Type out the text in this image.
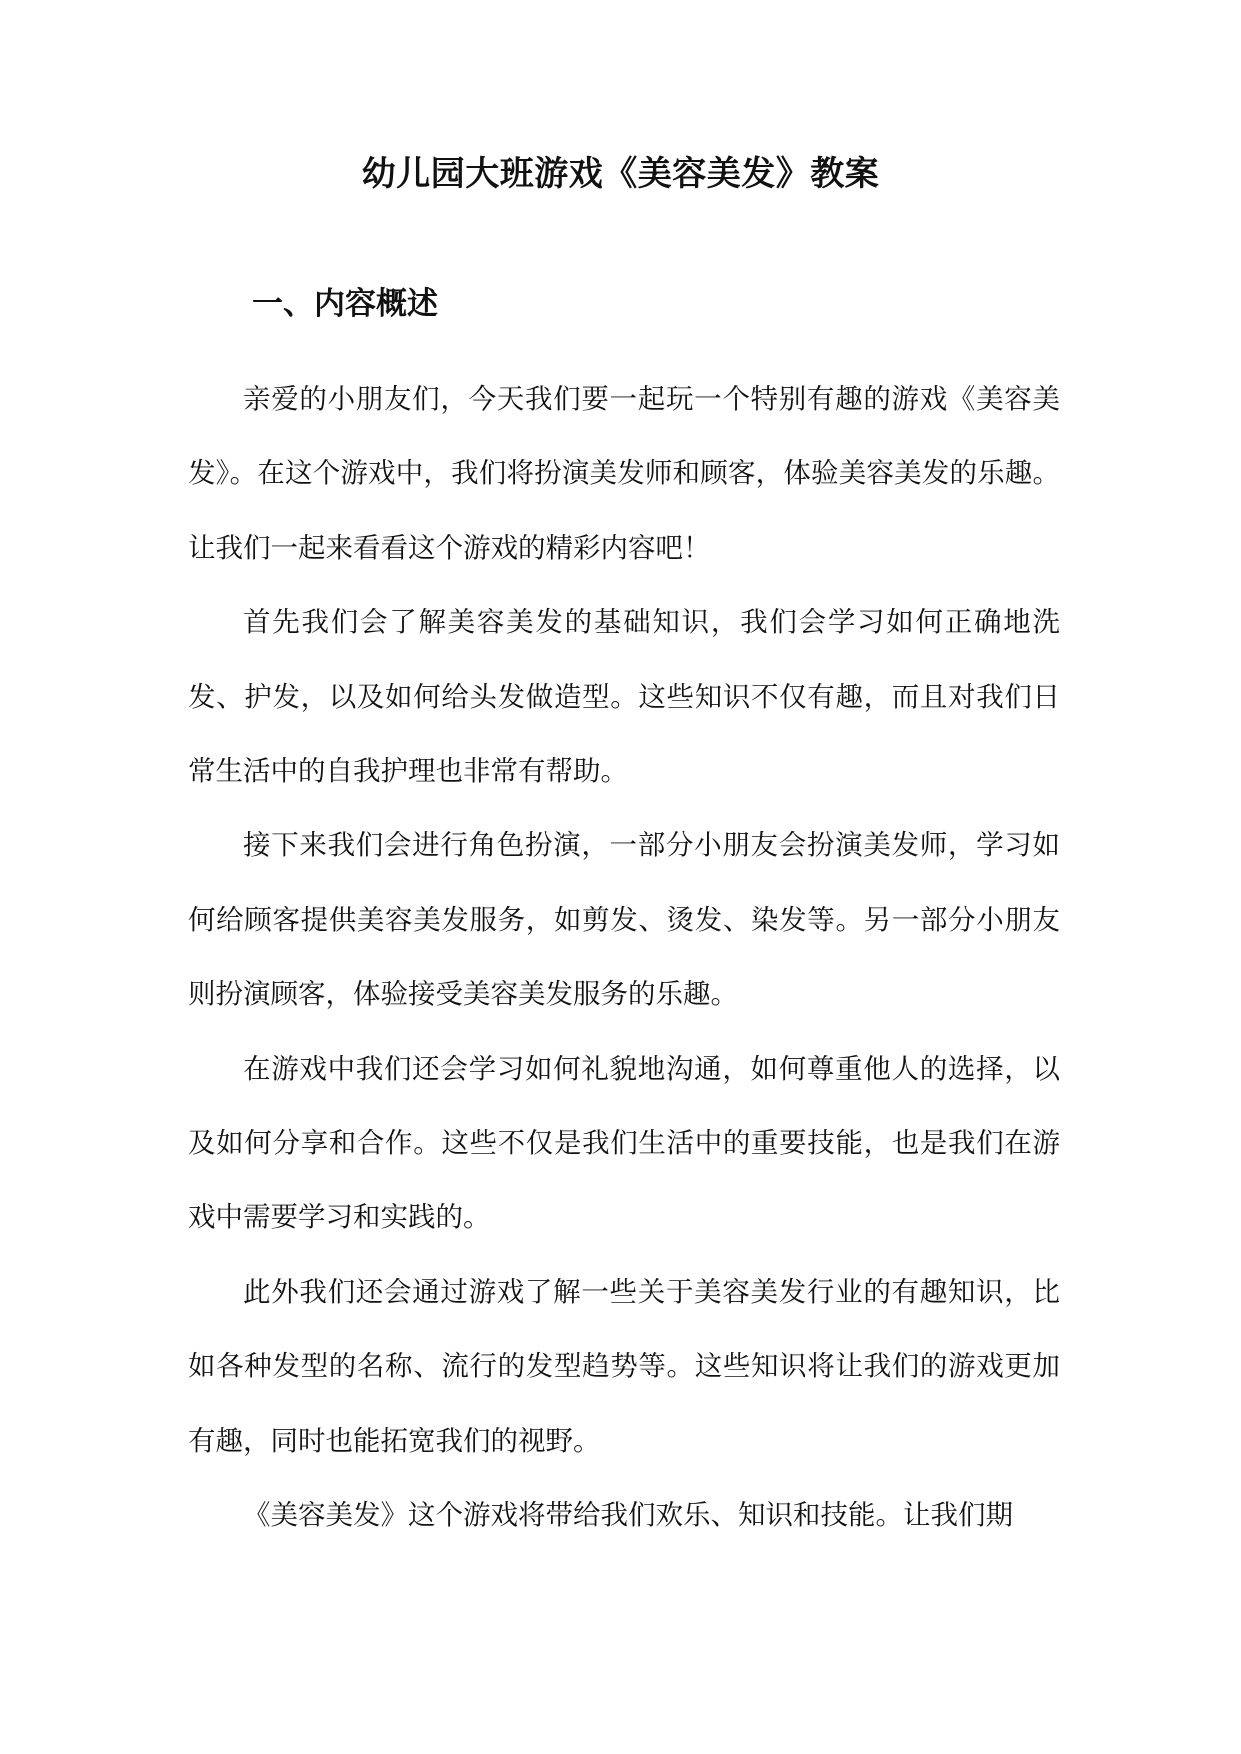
幼儿园大班游戏《美容美发》教案
一、内容概述

亲爱的小朋友们，今天我们要一起玩一个特别有趣的游戏《美容美发》。在这个游戏中，我们将扮演美发师和顾客，体验美容美发的乐趣。让我们一起来看看这个游戏的精彩内容吧！

首先我们会了解美容美发的基础知识，我们会学习如何正确地洗发、护发，以及如何给头发做造型。这些知识不仅有趣，而且对我们日常生活中的自我护理也非常有帮助。

接下来我们会进行角色扮演，一部分小朋友会扮演美发师，学习如何给顾客提供美容美发服务，如剪发、烫发、染发等。另一部分小朋友则扮演顾客，体验接受美容美发服务的乐趣。

在游戏中我们还会学习如何礼貌地沟通，如何尊重他人的选择，以及如何分享和合作。这些不仅是我们生活中的重要技能，也是我们在游戏中需要学习和实践的。

此外我们还会通过游戏了解一些关于美容美发行业的有趣知识，比如各种发型的名称、流行的发型趋势等。这些知识将让我们的游戏更加有趣，同时也能拓宽我们的视野。

《美容美发》这个游戏将带给我们欢乐、知识和技能。让我们期
